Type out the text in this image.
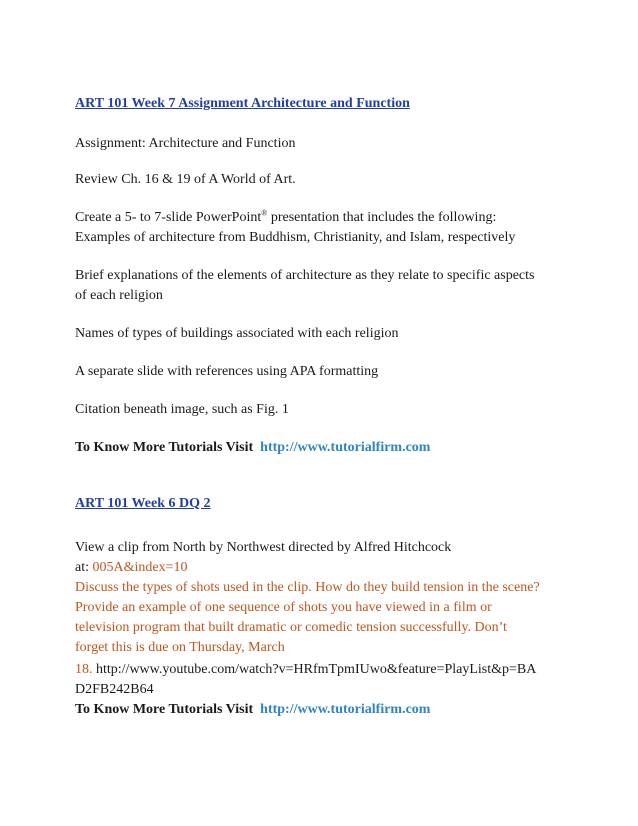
ART 101 Week 7 Assignment Architecture and Function
Assignment: Architecture and Function
Review Ch. 16 & 19 of A World of Art.
Create a 5- to 7-slide PowerPoint® presentation that includes the following:
Examples of architecture from Buddhism, Christianity, and Islam, respectively
Brief explanations of the elements of architecture as they relate to specific aspects
of each religion
Names of types of buildings associated with each religion
A separate slide with references using APA formatting
Citation beneath image, such as Fig. 1
To Know More Tutorials Visit http://www.tutorialfirm.com
ART 101 Week 6 DQ 2
View a clip from North by Northwest directed by Alfred Hitchcock
at: 005A&index=10
Discuss the types of shots used in the clip. How do they build tension in the scene?
Provide an example of one sequence of shots you have viewed in a film or
television program that built dramatic or comedic tension successfully. Don’t
forget this is due on Thursday, March
18. http://www.youtube.com/watch?v=HRfmTpmIUwo&feature=PlayList&p=BA
D2FB242B64
To Know More Tutorials Visit http://www.tutorialfirm.com
